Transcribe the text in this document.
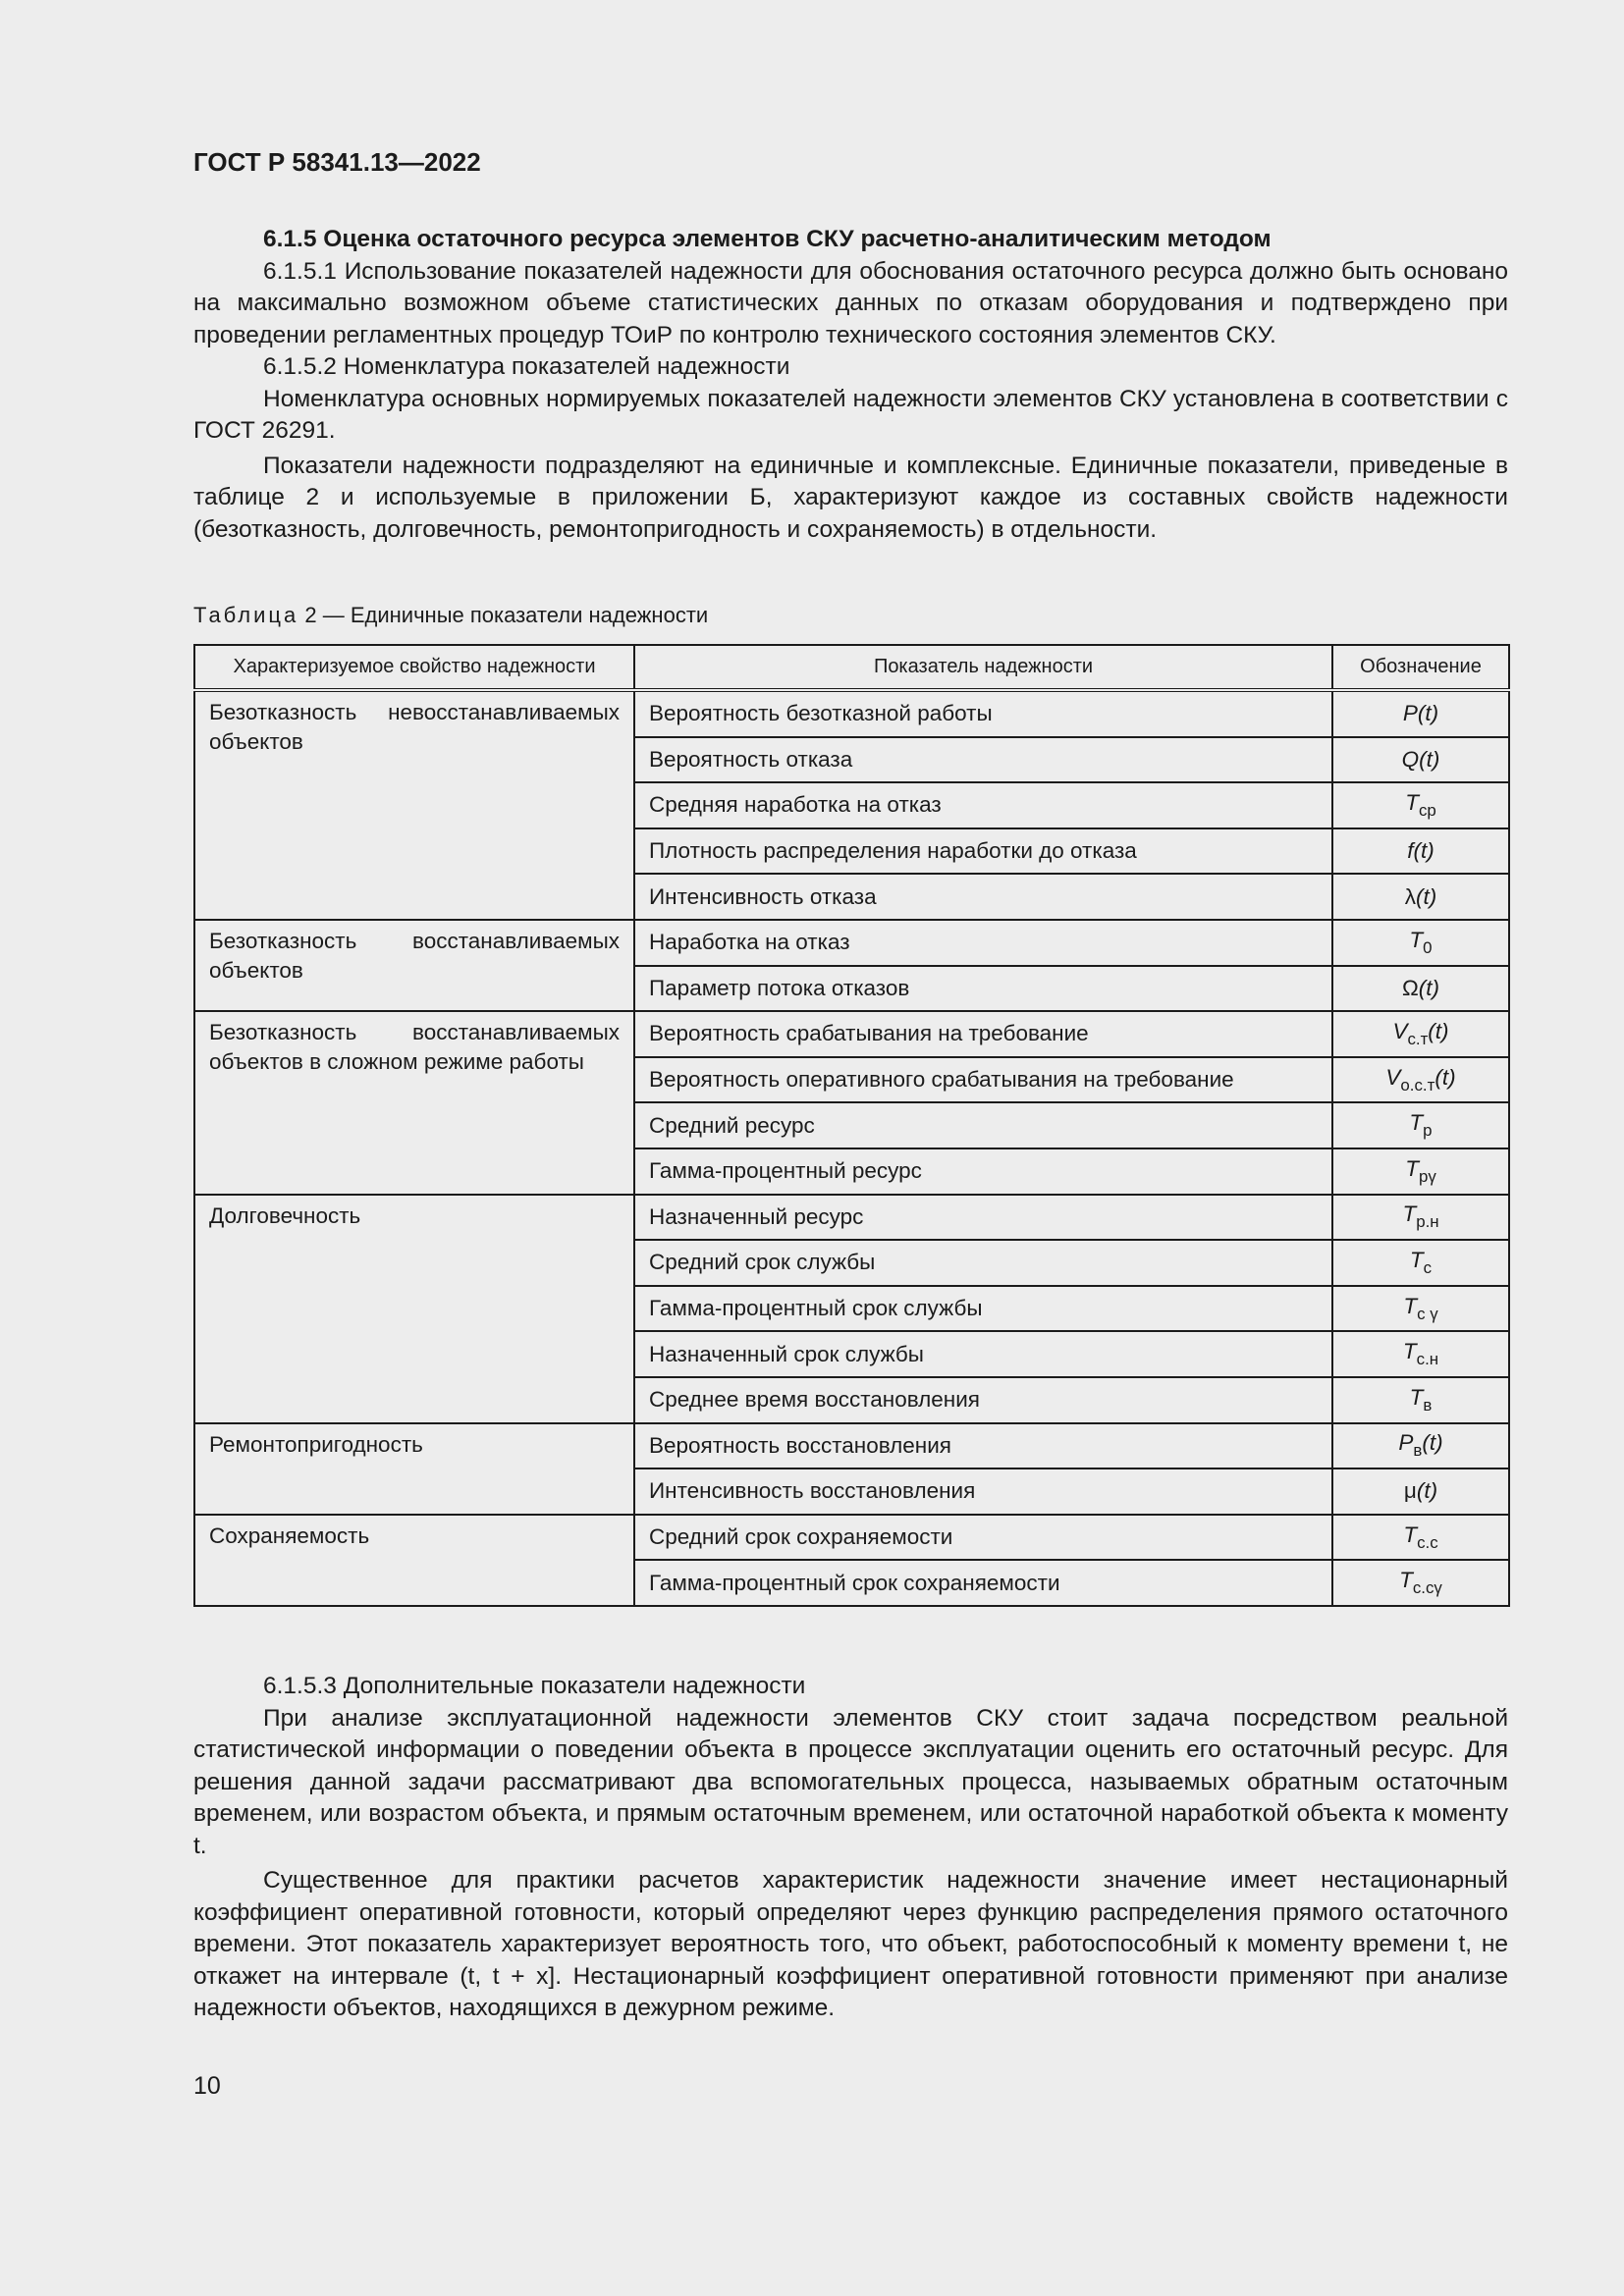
ГОСТ Р 58341.13—2022

6.1.5 Оценка остаточного ресурса элементов СКУ расчетно-аналитическим методом

6.1.5.1 Использование показателей надежности для обоснования остаточного ресурса должно быть основано на максимально возможном объеме статистических данных по отказам оборудования и подтверждено при проведении регламентных процедур ТОиР по контролю технического состояния элементов СКУ.

6.1.5.2 Номенклатура показателей надежности

Номенклатура основных нормируемых показателей надежности элементов СКУ установлена в соответствии с ГОСТ 26291.

Показатели надежности подразделяют на единичные и комплексные. Единичные показатели, приведеные в таблице 2 и используемые в приложении Б, характеризуют каждое из составных свойств надежности (безотказность, долговечность, ремонтопригодность и сохраняемость) в отдельности.

Таблица 2 — Единичные показатели надежности
Характеризуемое свойство надежности	Показатель надежности	Обозначение
Безотказность невосстанавливаемых объектов	Вероятность безотказной работы	P(t)
	Вероятность отказа	Q(t)
	Средняя наработка на отказ	$T_{ср}$
	Плотность распределения наработки до отказа	f(t)
	Интенсивность отказа	λ(t)
Безотказность восстанавливаемых объектов	Наработка на отказ	$T_0$
	Параметр потока отказов	Ω(t)
Безотказность восстанавливаемых объектов в сложном режиме работы	Вероятность срабатывания на требование	$V_{с.т}(t)$
	Вероятность оперативного срабатывания на требование	$V_{о.с.т}(t)$
	Средний ресурс	$T_р$
	Гамма-процентный ресурс	$T_{р\gamma}$
Долговечность	Назначенный ресурс	$T_{р.н}$
	Средний срок службы	$T_с$
	Гамма-процентный срок службы	$T_{с \gamma}$
	Назначенный срок службы	$T_{с.н}$
	Среднее время восстановления	$T_в$
Ремонтопригодность	Вероятность восстановления	$P_в(t)$
	Интенсивность восстановления	μ(t)
Сохраняемость	Средний срок сохраняемости	$T_{с.с}$
	Гамма-процентный срок сохраняемости	$T_{с.с\gamma}$

6.1.5.3 Дополнительные показатели надежности

При анализе эксплуатационной надежности элементов СКУ стоит задача посредством реальной статистической информации о поведении объекта в процессе эксплуатации оценить его остаточный ресурс. Для решения данной задачи рассматривают два вспомогательных процесса, называемых обратным остаточным временем, или возрастом объекта, и прямым остаточным временем, или остаточной наработкой объекта к моменту t.

Существенное для практики расчетов характеристик надежности значение имеет нестационарный коэффициент оперативной готовности, который определяют через функцию распределения прямого остаточного времени. Этот показатель характеризует вероятность того, что объект, работоспособный к моменту времени t, не откажет на интервале (t, t + x]. Нестационарный коэффициент оперативной готовности применяют при анализе надежности объектов, находящихся в дежурном режиме.

10
